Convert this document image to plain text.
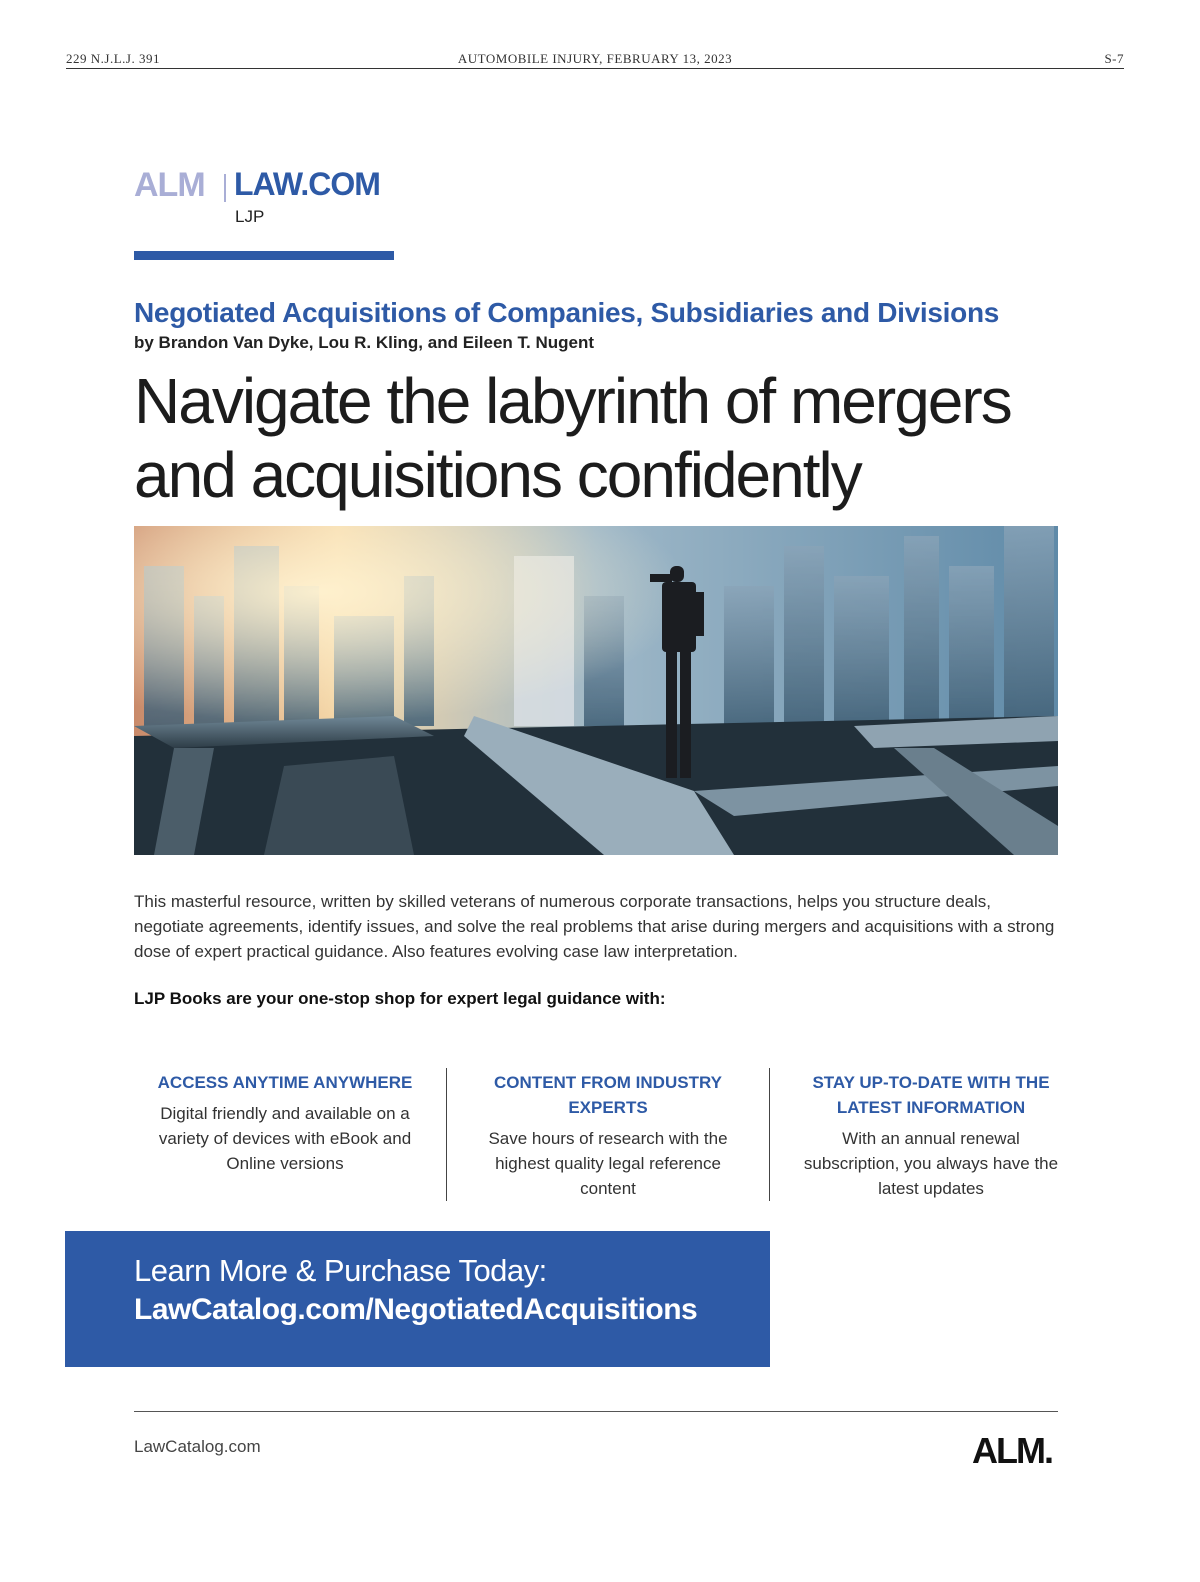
229 N.J.L.J. 391	AUTOMOBILE INJURY, FEBRUARY 13, 2023	S-7
ALM LAW.COM
LJP
Negotiated Acquisitions of Companies, Subsidiaries and Divisions
by Brandon Van Dyke, Lou R. Kling, and Eileen T. Nugent
Navigate the labyrinth of mergers and acquisitions confidently
This masterful resource, written by skilled veterans of numerous corporate transactions, helps you structure deals, negotiate agreements, identify issues, and solve the real problems that arise during mergers and acquisitions with a strong dose of expert practical guidance. Also features evolving case law interpretation.
LJP Books are your one-stop shop for expert legal guidance with:
ACCESS ANYTIME ANYWHERE

Digital friendly and available on a variety of devices with eBook and Online versions

CONTENT FROM INDUSTRY EXPERTS

Save hours of research with the highest quality legal reference content

STAY UP-TO-DATE WITH THE LATEST INFORMATION

With an annual renewal subscription, you always have the latest updates

Learn More & Purchase Today:
LawCatalog.com/NegotiatedAcquisitions
LawCatalog.com	ALM.
